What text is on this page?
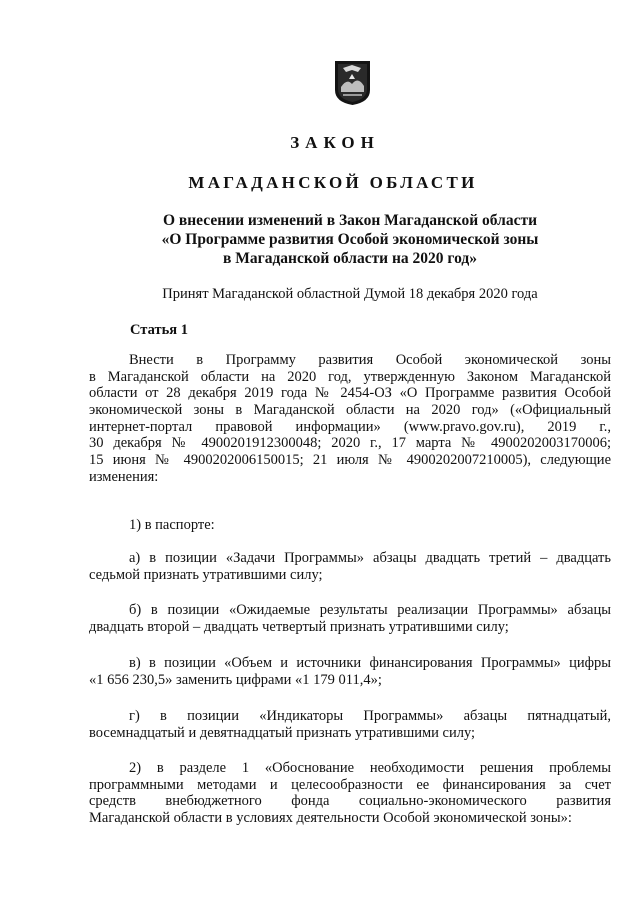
ЗАКОН
МАГАДАНСКОЙ ОБЛАСТИ
О внесении изменений в Закон Магаданской области
«О Программе развития Особой экономической зоны
в Магаданской области на 2020 год»
Принят Магаданской областной Думой 18 декабря 2020 года
Статья 1
Внести в Программу развития Особой экономической зоны
в Магаданской области на 2020 год, утвержденную Законом Магаданской
области от 28 декабря 2019 года № 2454-ОЗ «О Программе развития Особой
экономической зоны в Магаданской области на 2020 год» («Официальный
интернет-портал правовой информации» (www.pravo.gov.ru), 2019 г.,
30 декабря № 4900201912300048; 2020 г., 17 марта № 4900202003170006;
15 июня № 4900202006150015; 21 июля № 4900202007210005), следующие
изменения:
1) в паспорте:
а) в позиции «Задачи Программы» абзацы двадцать третий – двадцать
седьмой признать утратившими силу;
б) в позиции «Ожидаемые результаты реализации Программы» абзацы
двадцать второй – двадцать четвертый признать утратившими силу;
в) в позиции «Объем и источники финансирования Программы» цифры
«1 656 230,5» заменить цифрами «1 179 011,4»;
г) в позиции «Индикаторы Программы» абзацы пятнадцатый,
восемнадцатый и девятнадцатый признать утратившими силу;
2) в разделе 1 «Обоснование необходимости решения проблемы
программными методами и целесообразности ее финансирования за счет
средств внебюджетного фонда социально-экономического развития
Магаданской области в условиях деятельности Особой экономической зоны»:
